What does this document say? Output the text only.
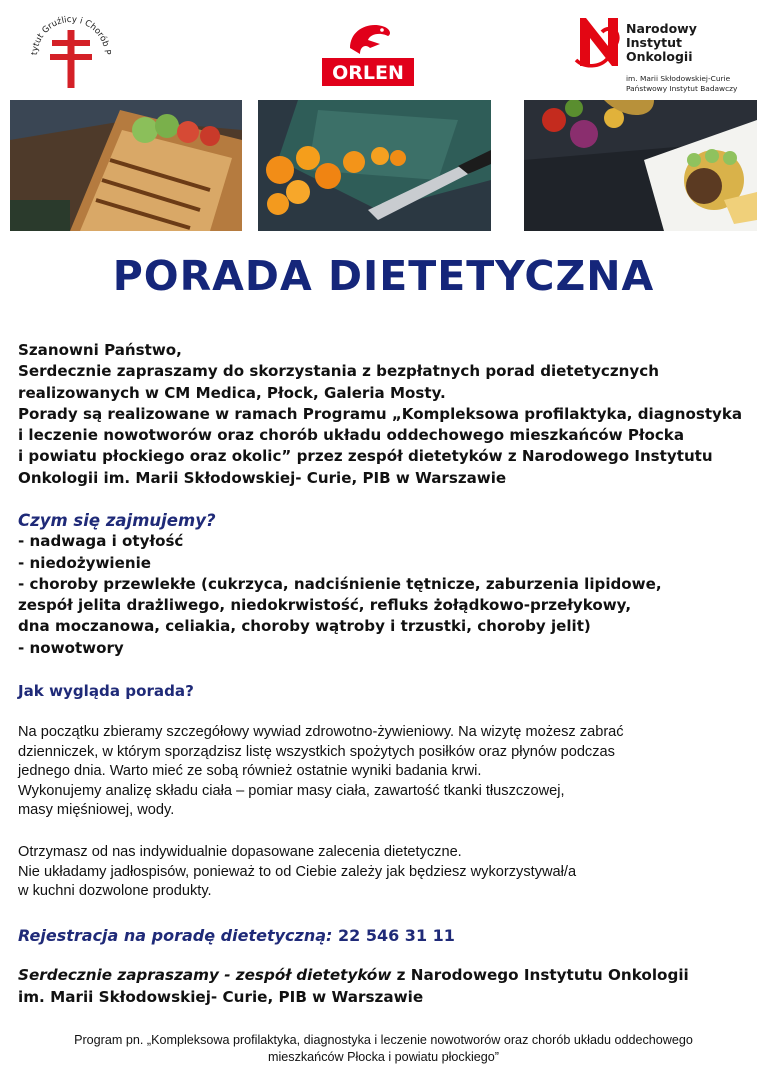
tytut Gruźlicy i Chorób P
ORLEN
Narodowy
Instytut
Onkologii
im. Marii Skłodowskiej-Curie
Państwowy Instytut Badawczy
PORADA DIETETYCZNA
Szanowni Państwo,
Serdecznie zapraszamy do skorzystania z bezpłatnych porad dietetycznych
realizowanych w CM Medica, Płock, Galeria Mosty.
Porady są realizowane w ramach Programu „Kompleksowa profilaktyka, diagnostyka
i leczenie nowotworów oraz chorób układu oddechowego mieszkańców Płocka
i powiatu płockiego oraz okolic” przez zespół dietetyków z Narodowego Instytutu
Onkologii im. Marii Skłodowskiej- Curie, PIB w Warszawie
Czym się zajmujemy?
- nadwaga i otyłość
- niedożywienie
- choroby przewlekłe (cukrzyca, nadciśnienie tętnicze, zaburzenia lipidowe,
zespół jelita drażliwego, niedokrwistość, refluks żołądkowo-przełykowy,
dna moczanowa, celiakia, choroby wątroby i trzustki, choroby jelit)
- nowotwory
Jak wygląda porada?
Na początku zbieramy szczegółowy wywiad zdrowotno-żywieniowy. Na wizytę możesz zabrać
dzienniczek, w którym sporządzisz listę wszystkich spożytych posiłków oraz płynów podczas
jednego dnia. Warto mieć ze sobą również ostatnie wyniki badania krwi.
Wykonujemy analizę składu ciała – pomiar masy ciała, zawartość tkanki tłuszczowej,
masy mięśniowej, wody.
Otrzymasz od nas indywidualnie dopasowane zalecenia dietetyczne.
Nie układamy jadłospisów, ponieważ to od Ciebie zależy jak będziesz wykorzystywał/a
w kuchni dozwolone produkty.
Rejestracja na poradę dietetyczną: 22 546 31 11
Serdecznie zapraszamy - zespół dietetyków z Narodowego Instytutu Onkologii
im. Marii Skłodowskiej- Curie, PIB w Warszawie
Program pn. „Kompleksowa profilaktyka, diagnostyka i leczenie nowotworów oraz chorób układu oddechowego
mieszkańców Płocka i powiatu płockiego”
